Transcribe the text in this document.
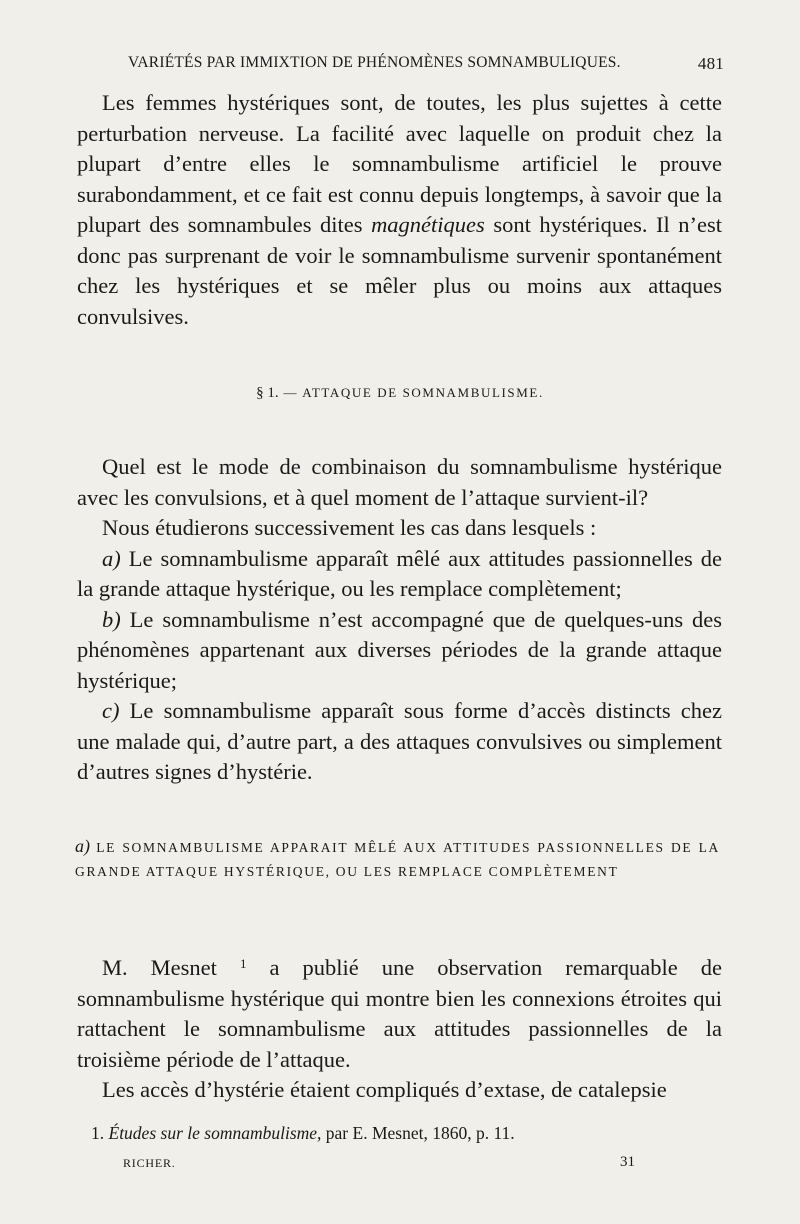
VARIÉTÉS PAR IMMIXTION DE PHÉNOMÈNES SOMNAMBULIQUES.	481

Les femmes hystériques sont, de toutes, les plus sujettes à cette perturbation nerveuse. La facilité avec laquelle on produit chez la plupart d’entre elles le somnambulisme artificiel le prouve surabondamment, et ce fait est connu depuis longtemps, à savoir que la plupart des somnambules dites magnétiques sont hystériques. Il n’est donc pas surprenant de voir le somnambulisme survenir spontanément chez les hystériques et se mêler plus ou moins aux attaques convulsives.

§ 1. — ATTAQUE DE SOMNAMBULISME.

Quel est le mode de combinaison du somnambulisme hystérique avec les convulsions, et à quel moment de l’attaque survient-il?

Nous étudierons successivement les cas dans lesquels :

a) Le somnambulisme apparaît mêlé aux attitudes passionnelles de la grande attaque hystérique, ou les remplace complètement;

b) Le somnambulisme n’est accompagné que de quelques-uns des phénomènes appartenant aux diverses périodes de la grande attaque hystérique;

c) Le somnambulisme apparaît sous forme d’accès distincts chez une malade qui, d’autre part, a des attaques convulsives ou simplement d’autres signes d’hystérie.

a) LE SOMNAMBULISME APPARAIT MÊLÉ AUX ATTITUDES PASSIONNELLES DE LA GRANDE ATTAQUE HYSTÉRIQUE, OU LES REMPLACE COMPLÈTEMENT

M. Mesnet $^1$ a publié une observation remarquable de somnambulisme hystérique qui montre bien les connexions étroites qui rattachent le somnambulisme aux attitudes passionnelles de la troisième période de l’attaque.

Les accès d’hystérie étaient compliqués d’extase, de catalepsie

1. Études sur le somnambulisme, par E. Mesnet, 1860, p. 11.
RICHER.	31
